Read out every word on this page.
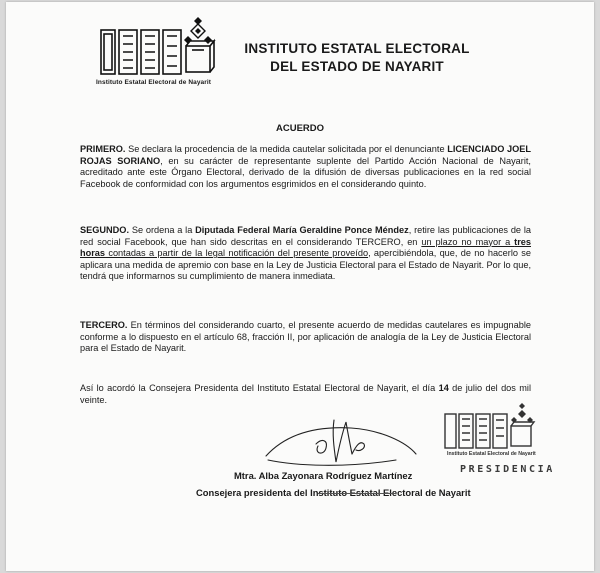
Instituto Estatal Electoral de Nayarit
INSTITUTO ESTATAL ELECTORAL
DEL ESTADO DE NAYARIT
ACUERDO
PRIMERO. Se declara la procedencia de la medida cautelar solicitada por el denunciante LICENCIADO JOEL ROJAS SORIANO, en su carácter de representante suplente del Partido Acción Nacional de Nayarit, acreditado ante este Órgano Electoral, derivado de la difusión de diversas publicaciones en la red social Facebook de conformidad con los argumentos esgrimidos en el considerando quinto.
SEGUNDO. Se ordena a la Diputada Federal María Geraldine Ponce Méndez, retire las publicaciones de la red social Facebook, que han sido descritas en el considerando TERCERO, en un plazo no mayor a tres horas contadas a partir de la legal notificación del presente proveído, apercibiéndola, que, de no hacerlo se aplicara una medida de apremio con base en la Ley de Justicia Electoral para el Estado de Nayarit. Por lo que, tendrá que informarnos su cumplimiento de manera inmediata.
TERCERO. En términos del considerando cuarto, el presente acuerdo de medidas cautelares es impugnable conforme a lo dispuesto en el artículo 68, fracción II, por aplicación de analogía de la Ley de Justicia Electoral para el Estado de Nayarit.
Así lo acordó la Consejera Presidenta del Instituto Estatal Electoral de Nayarit, el día 14 de julio del dos mil veinte.
Instituto Estatal Electoral de Nayarit
PRESIDENCIA
Mtra. Alba Zayonara Rodríguez Martínez
Consejera presidenta del Instituto Estatal Electoral de Nayarit
